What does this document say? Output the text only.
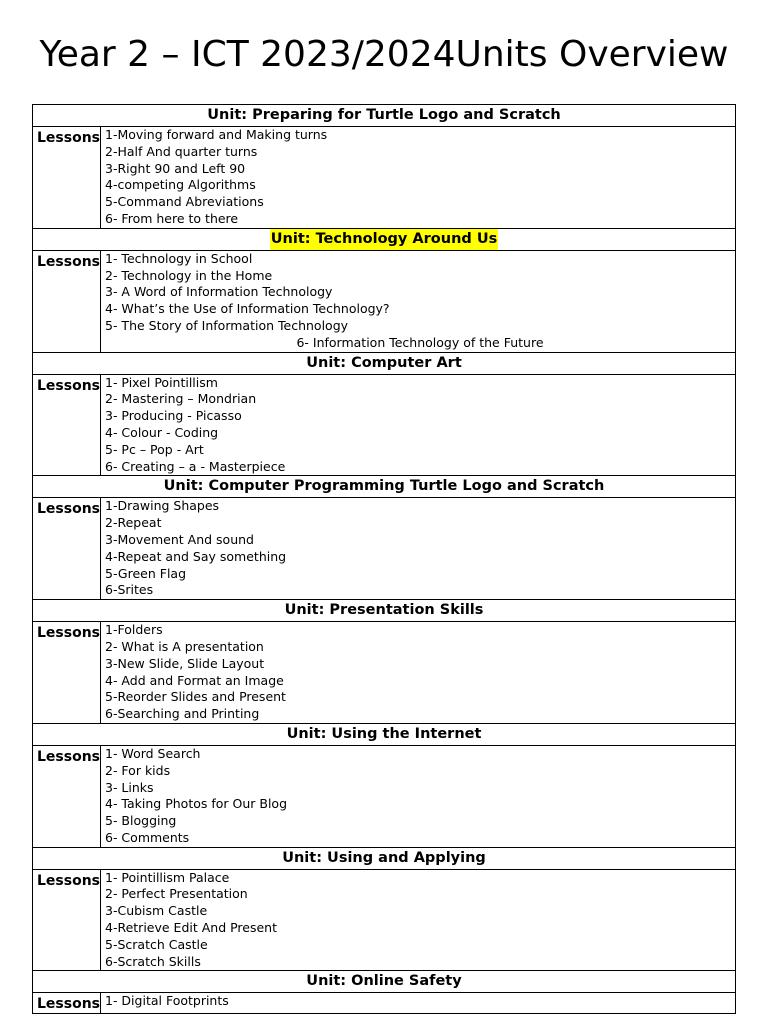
Year 2 – ICT 2023/2024Units Overview
Unit: Preparing for Turtle Logo and Scratch
Lessons 1-Moving forward and Making turns
2-Half And quarter turns
3-Right 90 and Left 90
4-competing Algorithms
5-Command Abreviations
6- From here to there
Unit: Technology Around Us
Lessons 1- Technology in School
2- Technology in the Home
3- A Word of Information Technology
4- What’s the Use of Information Technology?
5- The Story of Information Technology
6- Information Technology of the Future
Unit: Computer Art
Lessons 1- Pixel Pointillism
2- Mastering – Mondrian
3- Producing - Picasso
4- Colour - Coding
5- Pc – Pop - Art
6- Creating – a - Masterpiece
Unit: Computer Programming Turtle Logo and Scratch
Lessons 1-Drawing Shapes
2-Repeat
3-Movement And sound
4-Repeat and Say something
5-Green Flag
6-Srites
Unit: Presentation Skills
Lessons 1-Folders
2- What is A presentation
3-New Slide, Slide Layout
4- Add and Format an Image
5-Reorder Slides and Present
6-Searching and Printing
Unit: Using the Internet
Lessons 1- Word Search
2- For kids
3- Links
4- Taking Photos for Our Blog
5- Blogging
6- Comments
Unit: Using and Applying
Lessons 1- Pointillism Palace
2- Perfect Presentation
3-Cubism Castle
4-Retrieve Edit And Present
5-Scratch Castle
6-Scratch Skills
Unit: Online Safety
Lessons 1- Digital Footprints
